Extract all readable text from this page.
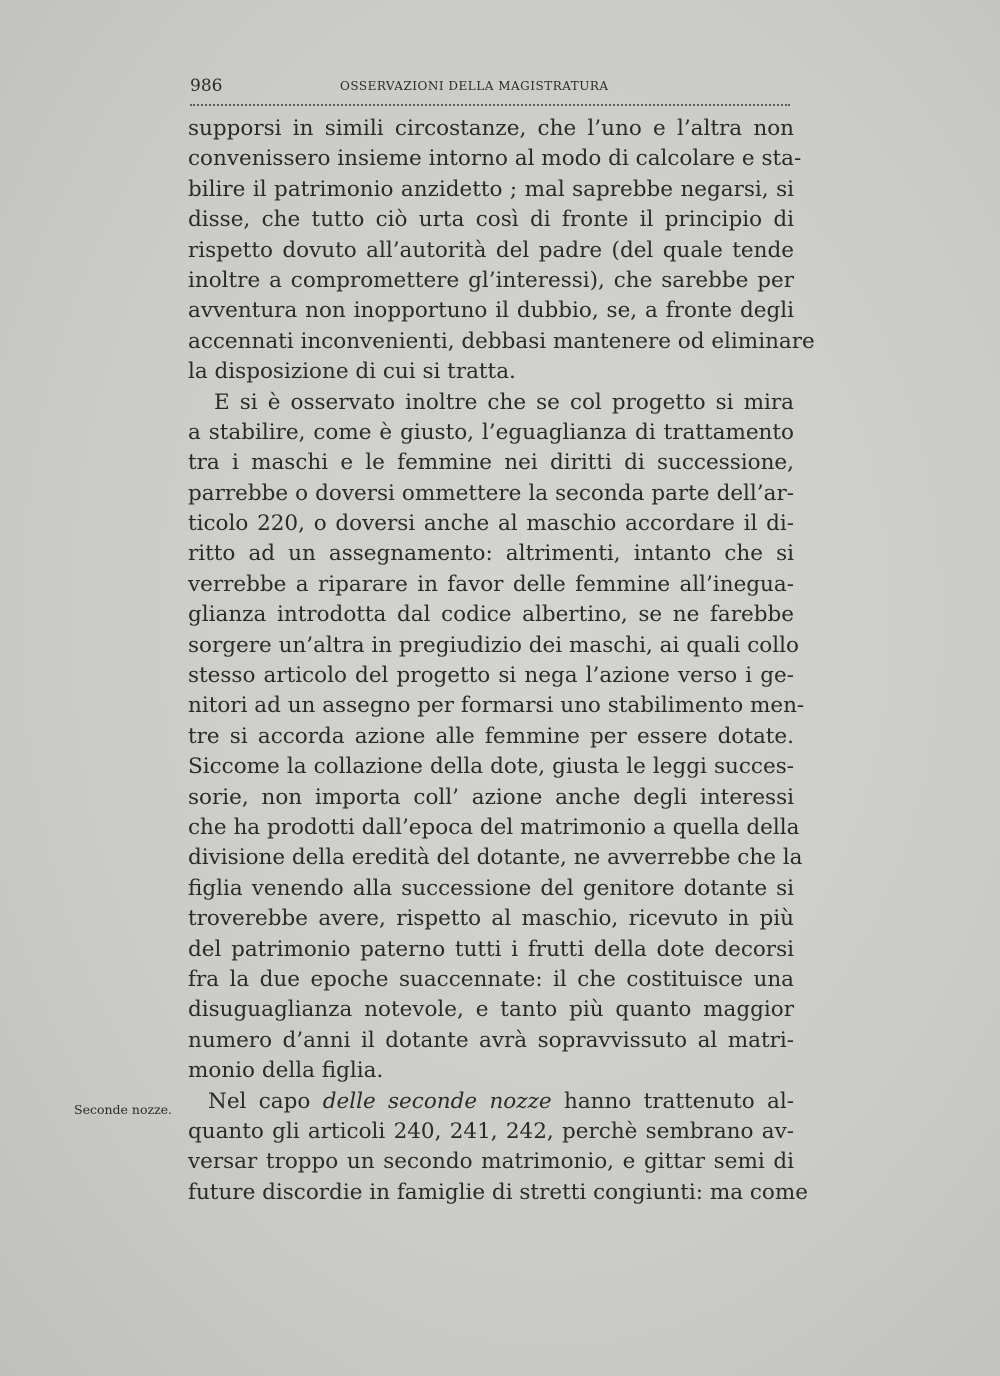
986	OSSERVAZIONI DELLA MAGISTRATURA
Seconde nozze.
supporsi in simili circostanze, che l’uno e l’altra non
convenissero insieme intorno al modo di calcolare e sta-
bilire il patrimonio anzidetto ; mal saprebbe negarsi, si
disse, che tutto ciò urta così di fronte il principio di
rispetto dovuto all’autorità del padre (del quale tende
inoltre a compromettere gl’interessi), che sarebbe per
avventura non inopportuno il dubbio, se, a fronte degli
accennati inconvenienti, debbasi mantenere od eliminare
la disposizione di cui si tratta.
E si è osservato inoltre che se col progetto si mira
a stabilire, come è giusto, l’eguaglianza di trattamento
tra i maschi e le femmine nei diritti di successione,
parrebbe o doversi ommettere la seconda parte dell’ar-
ticolo 220, o doversi anche al maschio accordare il di-
ritto ad un assegnamento: altrimenti, intanto che si
verrebbe a riparare in favor delle femmine all’inegua-
glianza introdotta dal codice albertino, se ne farebbe
sorgere un’altra in pregiudizio dei maschi, ai quali collo
stesso articolo del progetto si nega l’azione verso i ge-
nitori ad un assegno per formarsi uno stabilimento men-
tre si accorda azione alle femmine per essere dotate.
Siccome la collazione della dote, giusta le leggi succes-
sorie, non importa coll’ azione anche degli interessi
che ha prodotti dall’epoca del matrimonio a quella della
divisione della eredità del dotante, ne avverrebbe che la
figlia venendo alla successione del genitore dotante si
troverebbe avere, rispetto al maschio, ricevuto in più
del patrimonio paterno tutti i frutti della dote decorsi
fra la due epoche suaccennate: il che costituisce una
disuguaglianza notevole, e tanto più quanto maggior
numero d’anni il dotante avrà sopravvissuto al matri-
monio della figlia.
Nel capo delle seconde nozze hanno trattenuto al-
quanto gli articoli 240, 241, 242, perchè sembrano av-
versar troppo un secondo matrimonio, e gittar semi di
future discordie in famiglie di stretti congiunti: ma come
